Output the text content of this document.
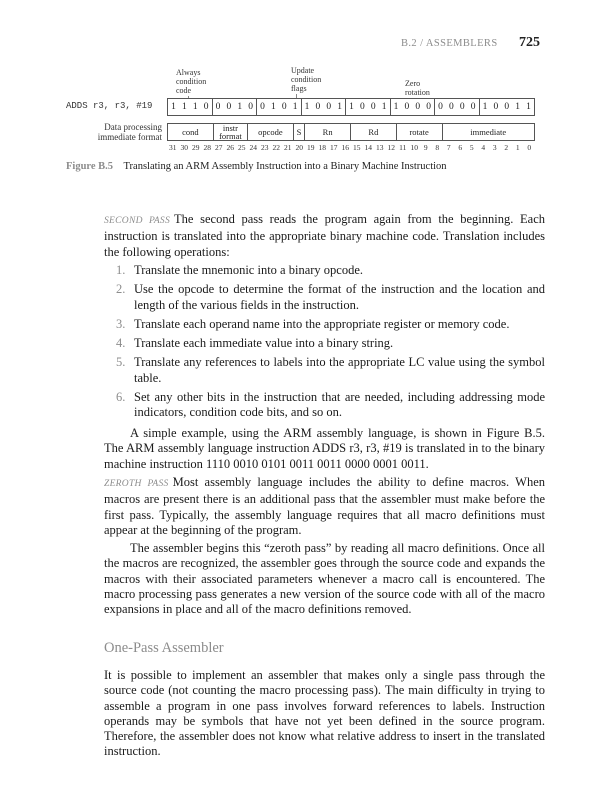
B.2 / ASSEMBLERS 725
Always
condition
code
Update
condition
flags
Zero
rotation
ADDS r3, r3, #19	1 1 1 0 0 0 1 0 0 1 0 1 1 0 0 1 1 0 0 1 1 0 0 0 0 0 0 0 1 0 0 1 1
Data processing
immediate format	cond	instr format	opcode	S	Rn	Rd	rotate	immediate
31 30 29 28 27 26 25 24 23 22 21 20 19 18 17 16 15 14 13 12 11 10 9	8	7	6	5	4	3	2	1	0
Figure B.5 Translating an ARM Assembly Instruction into a Binary Machine Instruction
SECOND PASS The second pass reads the program again from the beginning. Each instruction is translated into the appropriate binary machine code. Translation includes the following operations:
1. Translate the mnemonic into a binary opcode.
2. Use the opcode to determine the format of the instruction and the location and length of the various fields in the instruction.
3. Translate each operand name into the appropriate register or memory code.
4. Translate each immediate value into a binary string.
5. Translate any references to labels into the appropriate LC value using the symbol table.
6. Set any other bits in the instruction that are needed, including addressing mode indicators, condition code bits, and so on.
A simple example, using the ARM assembly language, is shown in Figure B.5. The ARM assembly language instruction ADDS r3, r3, #19 is translated in to the binary machine instruction 1110 0010 0101 0011 0011 0000 0001 0011.
ZEROTH PASS Most assembly language includes the ability to define macros. When macros are present there is an additional pass that the assembler must make before the first pass. Typically, the assembly language requires that all macro definitions must appear at the beginning of the program.
The assembler begins this “zeroth pass” by reading all macro definitions. Once all the macros are recognized, the assembler goes through the source code and expands the macros with their associated parameters whenever a macro call is encountered. The macro processing pass generates a new version of the source code with all of the macro expansions in place and all of the macro definitions removed.
One-Pass Assembler
It is possible to implement an assembler that makes only a single pass through the source code (not counting the macro processing pass). The main difficulty in trying to assemble a program in one pass involves forward references to labels. Instruction operands may be symbols that have not yet been defined in the source program. Therefore, the assembler does not know what relative address to insert in the translated instruction.
